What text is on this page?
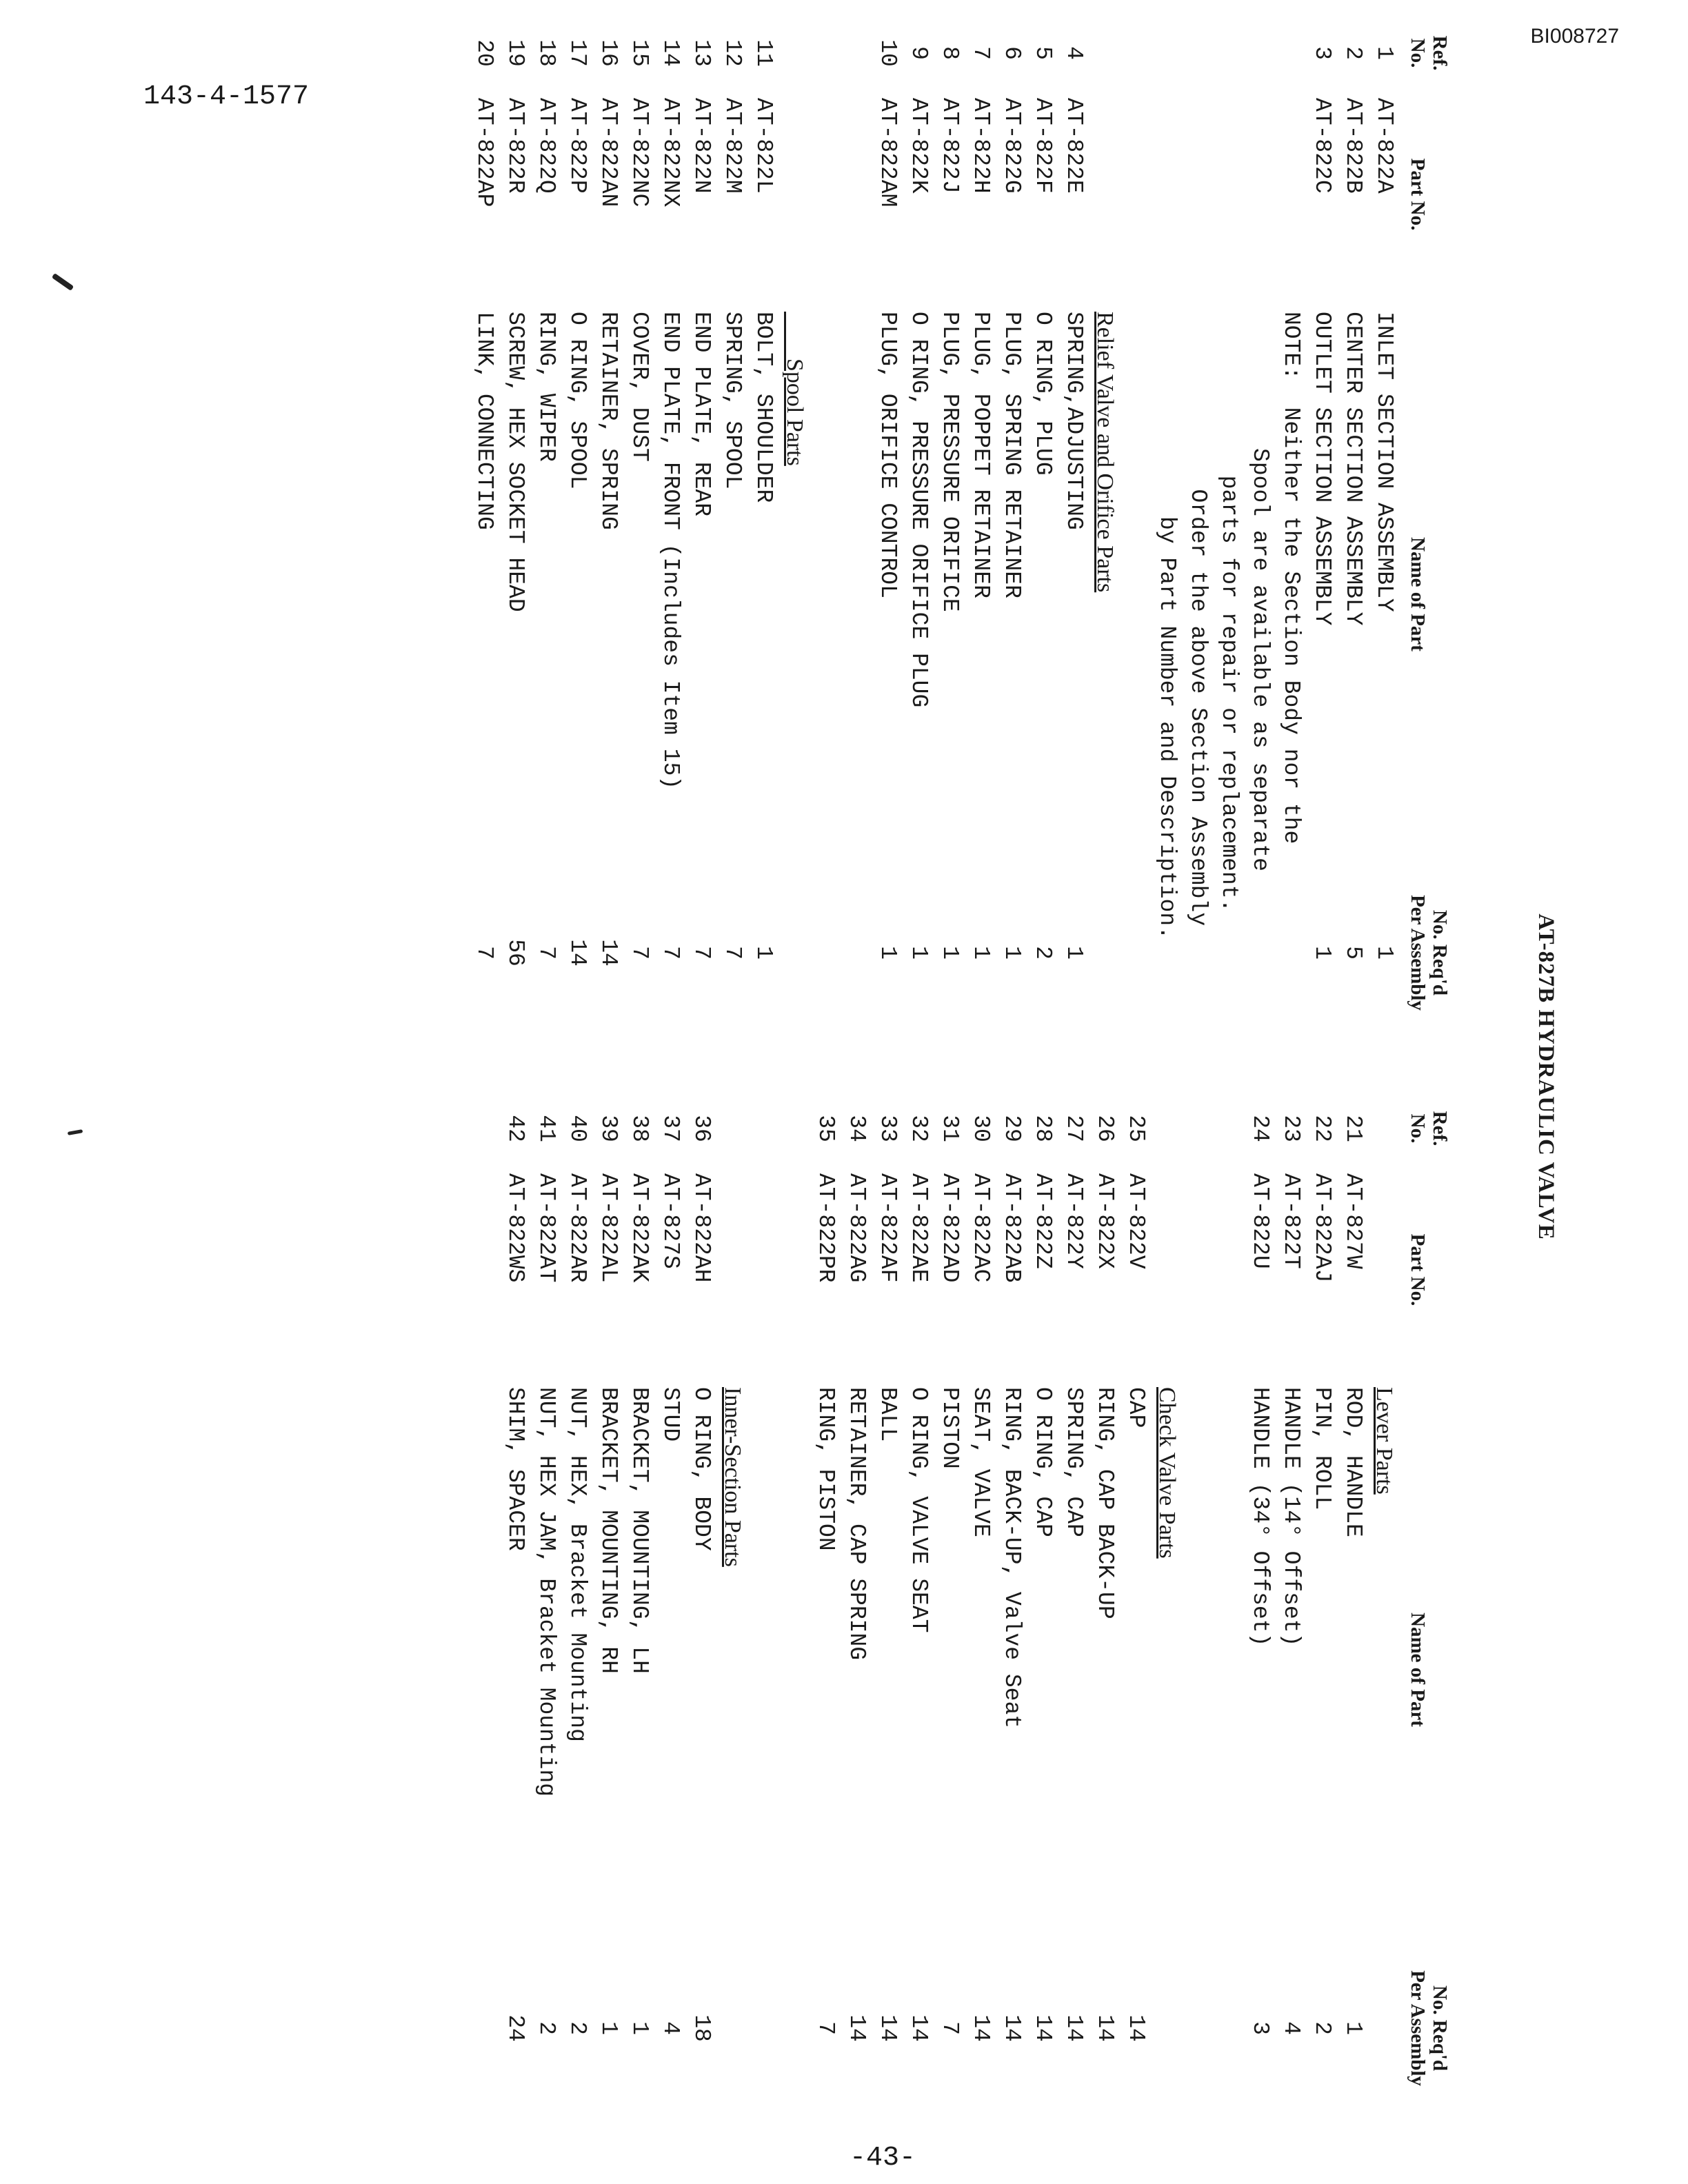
BI008727
143-4-1577
-43-
AT-827B HYDRAULIC VALVE
Ref. No.
Part No.
Name of Part
No. Req'd
Per Assembly
1
AT-822A
INLET SECTION ASSEMBLY
1
2
AT-822B
CENTER SECTION ASSEMBLY
5
3
AT-822C
OUTLET SECTION ASSEMBLY
1
NOTE:  Neither the Section Body nor the
Spool are available as separate
parts for repair or replacement.
Order the above Section Assembly
by Part Number and Description.
Relief Valve and Orifice Parts
4
AT-822E
SPRING,ADJUSTING
1
5
AT-822F
O RING, PLUG
2
6
AT-822G
PLUG, SPRING RETAINER
1
7
AT-822H
PLUG, POPPET RETAINER
1
8
AT-822J
PLUG, PRESSURE ORIFICE
1
9
AT-822K
O RING, PRESSURE ORIFICE PLUG
1
10
AT-822AM
PLUG, ORIFICE CONTROL
1
Spool Parts
11
AT-822L
BOLT, SHOULDER
1
12
AT-822M
SPRING, SPOOL
7
13
AT-822N
END PLATE, REAR
7
14
AT-822NX
END PLATE, FRONT (Includes Item 15)
7
15
AT-822NC
COVER, DUST
7
16
AT-822AN
RETAINER, SPRING
14
17
AT-822P
O RING, SPOOL
14
18
AT-822Q
RING, WIPER
7
19
AT-822R
SCREW, HEX SOCKET HEAD
56
20
AT-822AP
LINK, CONNECTING
7
Ref. No.
Part No.
Name of Part
No. Req'd
Per Assembly
Lever Parts
21
AT-827W
ROD, HANDLE
1
22
AT-822AJ
PIN, ROLL
2
23
AT-822T
HANDLE (14° Offset)
4
24
AT-822U
HANDLE (34° Offset)
3
Check Valve Parts
25
AT-822V
CAP
14
26
AT-822X
RING, CAP BACK-UP
14
27
AT-822Y
SPRING, CAP
14
28
AT-822Z
O RING, CAP
14
29
AT-822AB
RING, BACK-UP, Valve Seat
14
30
AT-822AC
SEAT, VALVE
14
31
AT-822AD
PISTON
7
32
AT-822AE
O RING, VALVE SEAT
14
33
AT-822AF
BALL
14
34
AT-822AG
RETAINER, CAP SPRING
14
35
AT-822PR
RING, PISTON
7
Inner-Section Parts
36
AT-822AH
O RING, BODY
18
37
AT-827S
STUD
4
38
AT-822AK
BRACKET, MOUNTING, LH
1
39
AT-822AL
BRACKET, MOUNTING, RH
1
40
AT-822AR
NUT, HEX, Bracket Mounting
2
41
AT-822AT
NUT, HEX JAM, Bracket Mounting
2
42
AT-822WS
SHIM, SPACER
24
